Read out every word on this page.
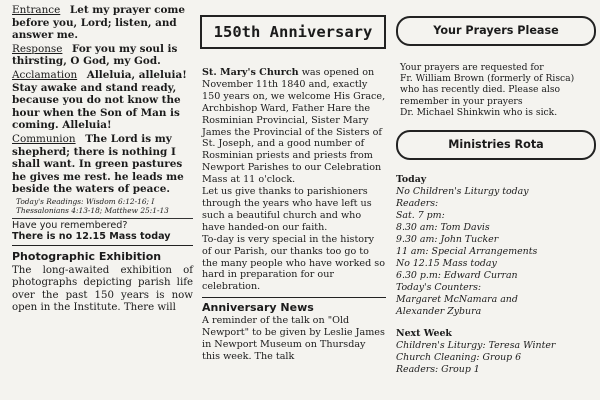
Entrance Let my prayer come before you, Lord; listen, and answer me.

Response For you my soul is thirsting, O God, my God.

Acclamation Alleluia, alleluia! Stay awake and stand ready, because you do not know the hour when the Son of Man is coming. Alleluia!

Communion The Lord is my shepherd; there is nothing I shall want. In green pastures he gives me rest. he leads me beside the waters of peace.

Today's Readings: Wisdom 6:12-16; I Thessalonians 4:13-18; Matthew 25:1-13
Have you remembered?
There is no 12.15 Mass today
Photographic Exhibition
The long-awaited exhibition of photographs depicting parish life over the past 150 years is now open in the Institute. There will
150th Anniversary

St. Mary's Church was opened on November 11th 1840 and, exactly 150 years on, we welcome His Grace, Archbishop Ward, Father Hare the Rosminian Provincial, Sister Mary James the Provincial of the Sisters of St. Joseph, and a good number of Rosminian priests and priests from Newport Parishes to our Celebration Mass at 11 o'clock.

Let us give thanks to parishioners through the years who have left us such a beautiful church and who have handed-on our faith.

To-day is very special in the history of our Parish, our thanks too go to the many people who have worked so hard in preparation for our celebration.

Anniversary News
A reminder of the talk on "Old Newport" to be given by Leslie James in Newport Museum on Thursday this week. The talk
Your Prayers Please

Your prayers are requested for

Fr. William Brown (formerly of Risca)

who has recently died. Please also

remember in your prayers

Dr. Michael Shinkwin who is sick.

Ministries Rota

Today

No Children's Liturgy today

Readers:

Sat. 7 pm:

8.30 am: Tom Davis

9.30 am: John Tucker

11 am: Special Arrangements

No 12.15 Mass today

6.30 p.m: Edward Curran

Today's Counters:

Margaret McNamara and

Alexander Zybura

Next Week

Children's Liturgy: Teresa Winter

Church Cleaning: Group 6

Readers: Group 1
